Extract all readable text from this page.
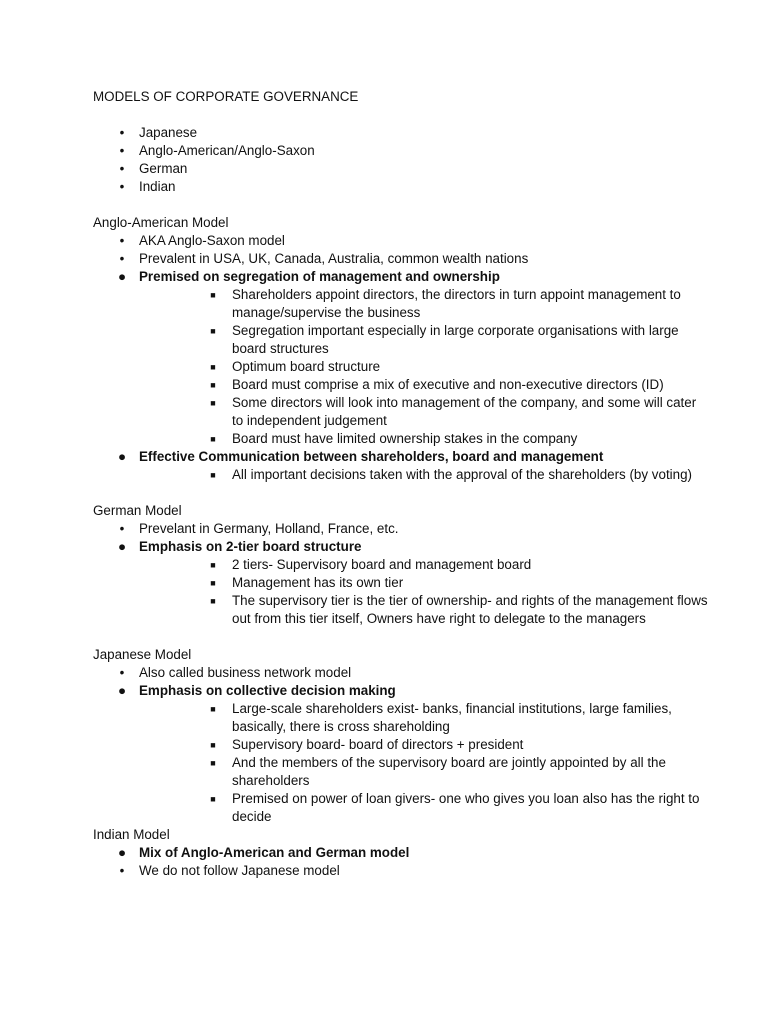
MODELS OF CORPORATE GOVERNANCE

• Japanese
• Anglo-American/Anglo-Saxon
• German
• Indian

Anglo-American Model

• AKA Anglo-Saxon model
• Prevalent in USA, UK, Canada, Australia, common wealth nations
● Premised on segregation of management and ownership
■ Shareholders appoint directors, the directors in turn appoint management to manage/supervise the business
■ Segregation important especially in large corporate organisations with large board structures
■ Optimum board structure
■ Board must comprise a mix of executive and non-executive directors (ID)
■ Some directors will look into management of the company, and some will cater to independent judgement
■ Board must have limited ownership stakes in the company
● Effective Communication between shareholders, board and management
■ All important decisions taken with the approval of the shareholders (by voting)

German Model

• Prevelant in Germany, Holland, France, etc.
● Emphasis on 2-tier board structure
■ 2 tiers- Supervisory board and management board
■ Management has its own tier
■ The supervisory tier is the tier of ownership- and rights of the management flows out from this tier itself, Owners have right to delegate to the managers

Japanese Model

• Also called business network model
● Emphasis on collective decision making
■ Large-scale shareholders exist- banks, financial institutions, large families, basically, there is cross shareholding
■ Supervisory board- board of directors + president
■ And the members of the supervisory board are jointly appointed by all the shareholders
■ Premised on power of loan givers- one who gives you loan also has the right to decide

Indian Model

● Mix of Anglo-American and German model
• We do not follow Japanese model
